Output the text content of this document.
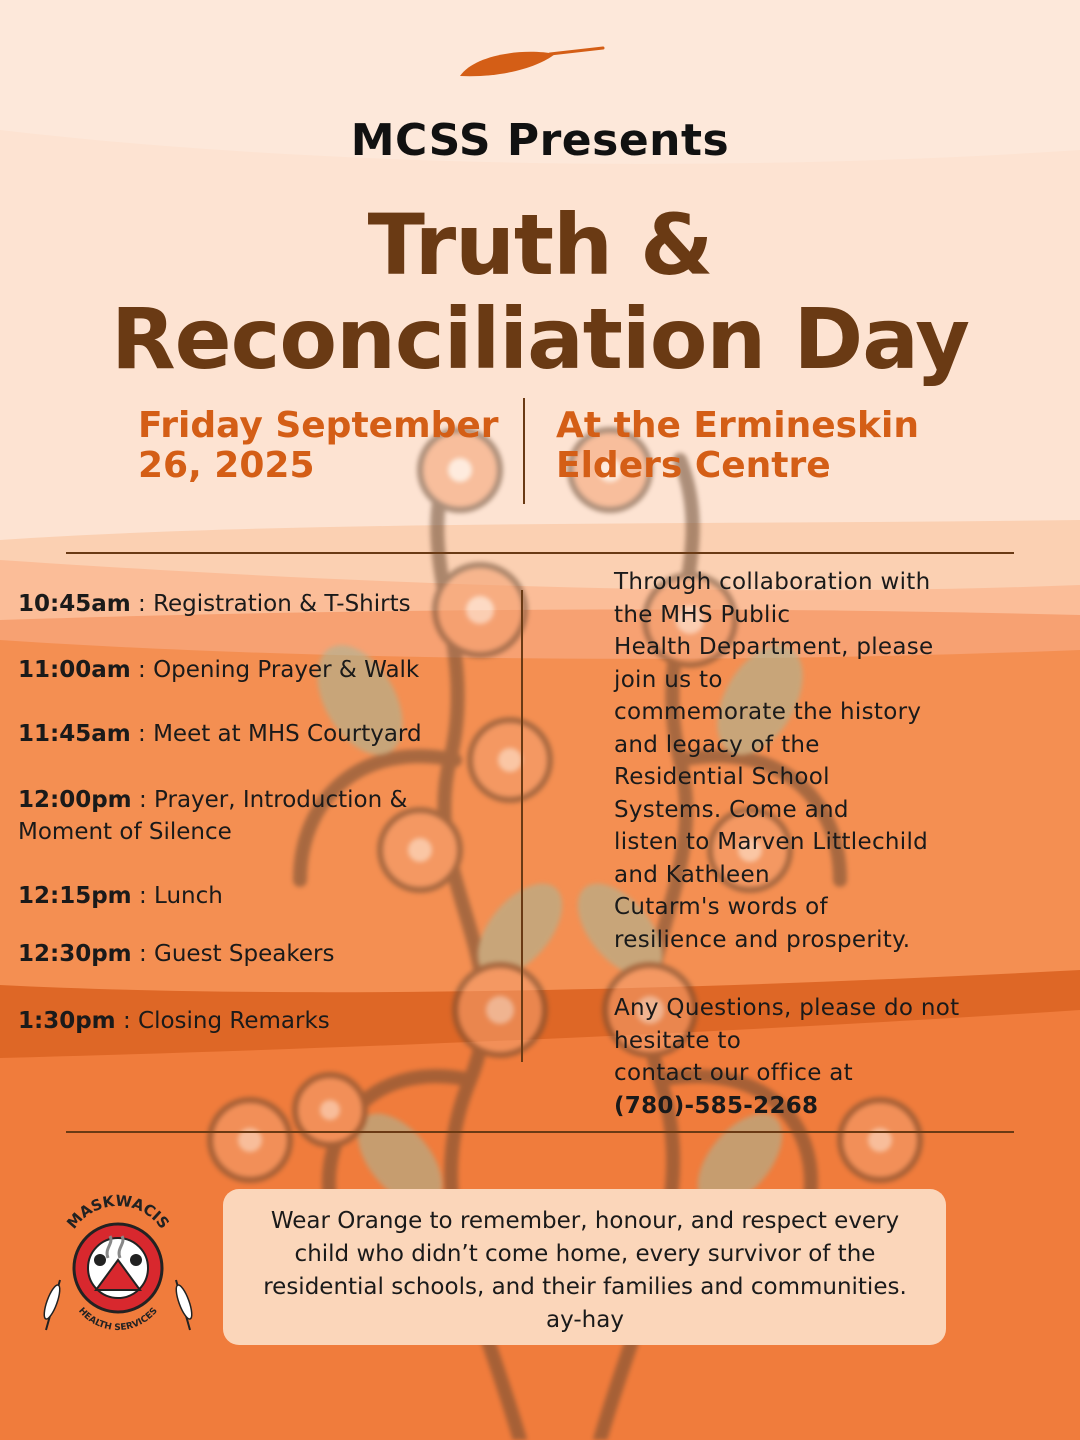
MCSS Presents
Truth &
Reconciliation Day
Friday September
26, 2025
At the Ermineskin
Elders Centre
10:45am : Registration & T-Shirts
11:00am : Opening Prayer & Walk
11:45am : Meet at MHS Courtyard
12:00pm : Prayer, Introduction & Moment of Silence
12:15pm : Lunch
12:30pm : Guest Speakers
1:30pm : Closing Remarks

Through collaboration with

the MHS Public

Health Department, please

join us to

commemorate the history

and legacy of the

Residential School

Systems. Come and

listen to Marven Littlechild

and Kathleen

Cutarm's words of

resilience and prosperity.

Any Questions, please do not

hesitate to

contact our office at

(780)-585-2268

MASKWACIS
HEALTH SERVICES

Wear Orange to remember, honour, and respect every

child who didn’t come home, every survivor of the

residential schools, and their families and communities.

ay-hay
